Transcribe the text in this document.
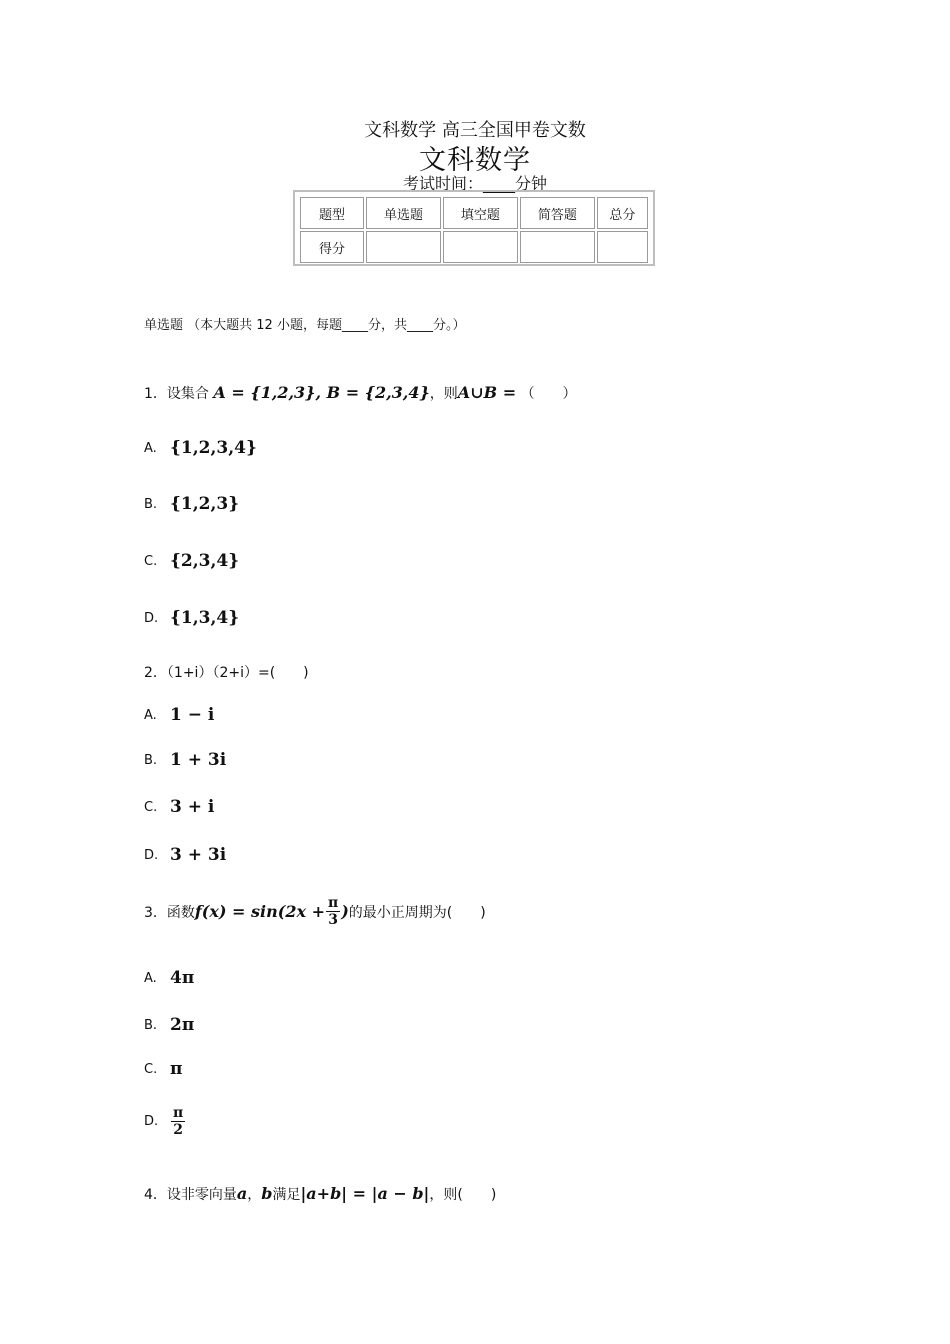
文科数学 高三全国甲卷文数
文科数学
考试时间：____分钟
题型	单选题	填空题	简答题	总分
得分				
单选题 （本大题共 12 小题，每题____分，共____分。）
1．设集合 A = {1,2,3}, B = {2,3,4}，则A∪B = （　　）
A. {1,2,3,4}
B. {1,2,3}
C. {2,3,4}
D. {1,3,4}
2．（1+i）（2+i）=(　　)
A. 1 − i
B. 1 + 3i
C. 3 + i
D. 3 + 3i
3． 函数 $f(x) = \sin(2x + \frac{\pi}{3}$ ) 的最小正周期为(　　)
A. 4π
B. 2π
C. π
D. $\frac{\pi}{2}$
4．设非零向量a，b满足|a+b| = |a − b|，则(　　)
